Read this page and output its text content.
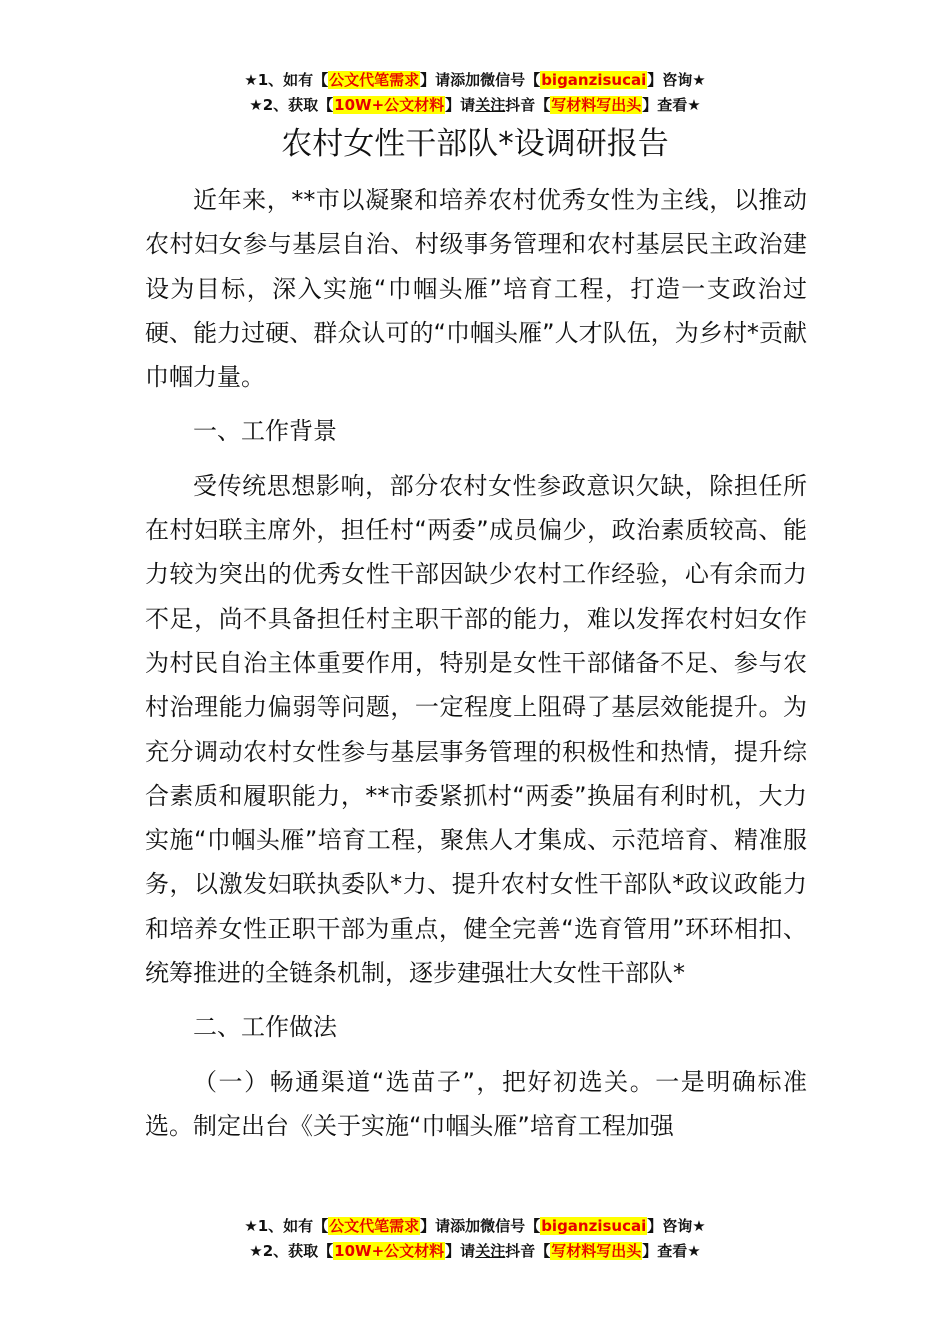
★1、如有【公文代笔需求】请添加微信号【biganzisucai】咨询★
★2、获取【10W+公文材料】请关注抖音【写材料写出头】查看★
农村女性干部队*设调研报告

近年来，**市以凝聚和培养农村优秀女性为主线，以推动农村妇女参与基层自治、村级事务管理和农村基层民主政治建设为目标，深入实施“巾帼头雁”培育工程，打造一支政治过硬、能力过硬、群众认可的“巾帼头雁”人才队伍，为乡村*贡献巾帼力量。

一、工作背景

受传统思想影响，部分农村女性参政意识欠缺，除担任所在村妇联主席外，担任村“两委”成员偏少，政治素质较高、能力较为突出的优秀女性干部因缺少农村工作经验，心有余而力不足，尚不具备担任村主职干部的能力，难以发挥农村妇女作为村民自治主体重要作用，特别是女性干部储备不足、参与农村治理能力偏弱等问题，一定程度上阻碍了基层效能提升。为充分调动农村女性参与基层事务管理的积极性和热情，提升综合素质和履职能力，**市委紧抓村“两委”换届有利时机，大力实施“巾帼头雁”培育工程，聚焦人才集成、示范培育、精准服务，以激发妇联执委队*力、提升农村女性干部队*政议政能力和培养女性正职干部为重点，健全完善“选育管用”环环相扣、统筹推进的全链条机制，逐步建强壮大女性干部队*

二、工作做法

（一）畅通渠道“选苗子”，把好初选关。一是明确标准选。制定出台《关于实施“巾帼头雁”培育工程加强

★1、如有【公文代笔需求】请添加微信号【biganzisucai】咨询★
★2、获取【10W+公文材料】请关注抖音【写材料写出头】查看★
